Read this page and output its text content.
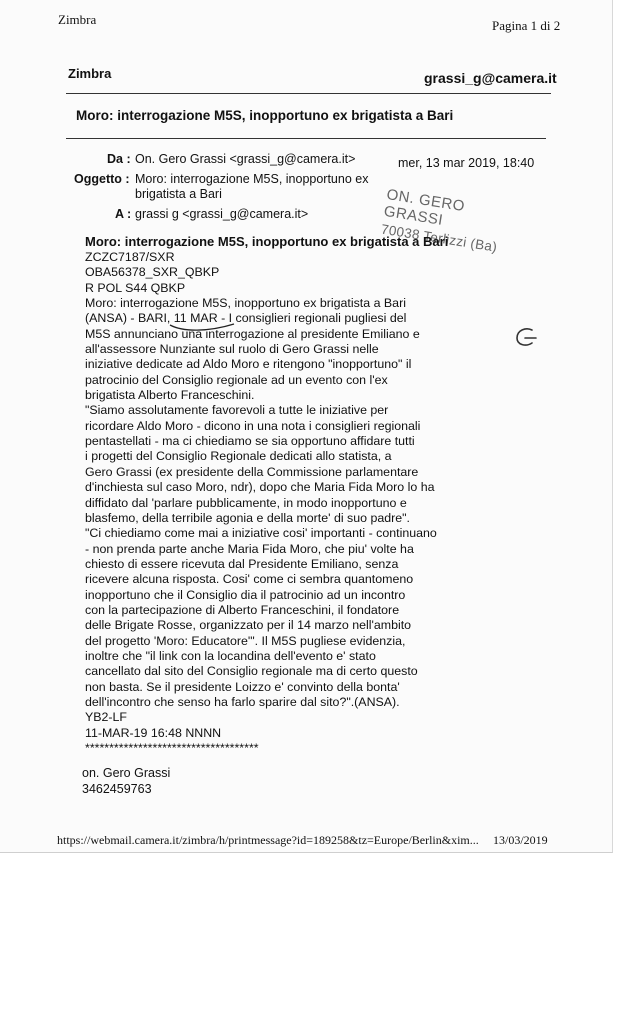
Zimbra	Pagina 1 di 2
Zimbra	grassi_g@camera.it
Moro: interrogazione M5S, inopportuno ex brigatista a Bari
Da : On. Gero Grassi <grassi_g@camera.it>	mer, 13 mar 2019, 18:40
Oggetto : Moro: interrogazione M5S, inopportuno ex
brigatista a Bari
A : grassi g <grassi_g@camera.it>	ON. GERO GRASSI
70038 Terlizzi (Ba)
Moro: interrogazione M5S, inopportuno ex brigatista a Bari
ZCZC7187/SXR
OBA56378_SXR_QBKP
R POL S44 QBKP
Moro: interrogazione M5S, inopportuno ex brigatista a Bari
(ANSA) - BARI, 11 MAR - I consiglieri regionali pugliesi del
M5S annunciano una interrogazione al presidente Emiliano e
all'assessore Nunziante sul ruolo di Gero Grassi nelle
iniziative dedicate ad Aldo Moro e ritengono "inopportuno" il
patrocinio del Consiglio regionale ad un evento con l'ex
brigatista Alberto Franceschini.
"Siamo assolutamente favorevoli a tutte le iniziative per
ricordare Aldo Moro - dicono in una nota i consiglieri regionali
pentastellati - ma ci chiediamo se sia opportuno affidare tutti
i progetti del Consiglio Regionale dedicati allo statista, a
Gero Grassi (ex presidente della Commissione parlamentare
d'inchiesta sul caso Moro, ndr), dopo che Maria Fida Moro lo ha
diffidato dal 'parlare pubblicamente, in modo inopportuno e
blasfemo, della terribile agonia e della morte' di suo padre".
"Ci chiediamo come mai a iniziative cosi' importanti - continuano
- non prenda parte anche Maria Fida Moro, che piu' volte ha
chiesto di essere ricevuta dal Presidente Emiliano, senza
ricevere alcuna risposta. Cosi' come ci sembra quantomeno
inopportuno che il Consiglio dia il patrocinio ad un incontro
con la partecipazione di Alberto Franceschini, il fondatore
delle Brigate Rosse, organizzato per il 14 marzo nell'ambito
del progetto 'Moro: Educatore'". Il M5S pugliese evidenzia,
inoltre che "il link con la locandina dell'evento e' stato
cancellato dal sito del Consiglio regionale ma di certo questo
non basta. Se il presidente Loizzo e' convinto della bonta'
dell'incontro che senso ha farlo sparire dal sito?".(ANSA).
YB2-LF
11-MAR-19 16:48 NNNN
************************************
on. Gero Grassi
3462459763
https://webmail.camera.it/zimbra/h/printmessage?id=189258&tz=Europe/Berlin&xim... 13/03/2019
